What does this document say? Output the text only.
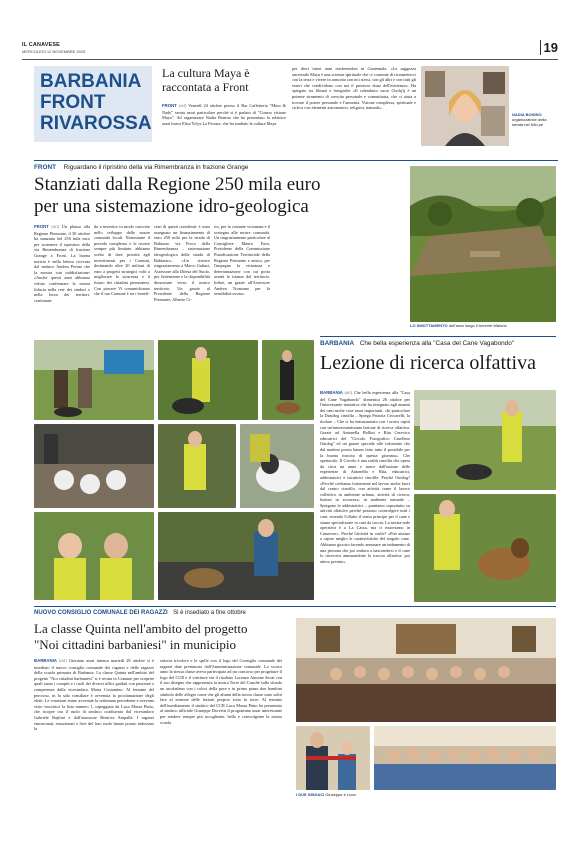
IL CANAVESE
MERCOLEDÌ 12 NOVEMBRE 2025	19
BARBANIA
FRONT
RIVAROSSA
La cultura Maya è
raccontata a Front
FRONT (ch1) Venerdì 24 ottobre presso il Bar Caffetteria "Mino & Nady" serata assai particolare perché si è parlato di "Cosmo visione Maya". Ad organizzare Nadia Bonino che ha presentato la relatrice assai brava Elisa Yolys La Ferrara, che ha studiato la cultura Maya
per dieci interi anni trasferendosi in Guatemala. «La saggezza ancestrale Maya è una scienza spirituale che ci consente di riconnetterci con la terra e vivere in armonia con noi stessi, con gli altri e con tutti gli esseri che condividono con noi il prezioso dono dell'esistenza». Ha spiegato tra filmati e fotografie «Il calendario sacro Cholq'ij è un potente strumento di crescita personale e comunitaria, che ci aiuta a trovare il potere personale e l'armonia. Visione complessa, spirituale e ciclica con elementi astronomici, religiosi, naturali».
NADIA BONINO
organizzatrice della serata nel Nilo pe
FRONT Riguardano il ripristino della via Rimembranza in frazione Grange
Stanziati dalla Regione 250 mila euro
per una sistemazione idro-geologica
FRONT (ch1) Un plauso alla Regione Piemonte, il 30 ottobre ha stanziato bel 250 mila euro per sostenere il ripristino della via Rimembranza di frazione Grange a Front. La buona notizia è nella lettera ricevuta dal sindaco Andrea Perino che la mostra con soddisfazione: «Anche questi anni abbiamo voluto confermare la nostra fiducia nella rete dei sindaci e nella forza dei territori, continuan-
do a investire in modo concreto nello sviluppo delle nostre comunità locali. Nonostante il periodo complesso e le risorse sempre più limitate, abbiamo scelto di dare priorità agli investimenti per i Comuni, destinando oltre 20 milioni di euro a progetti strategici volti a migliorare la sicurezza e il futuro dei cittadini piemontesi. Con piacere Vi comunichiamo che il tuo Comune è tra i benefi-
ciari di questi contributi: è stato assegnato un finanziamento di euro 250 mila per la strada di Babiasso via Porco della Rimembranza – sistemazione idrogeologica della strada di Babiasso». «Un sincero ringraziamento a Marco Gabusi, Assessore alla Difesa del Suolo, per l'attenzione e la disponibilità dimostrate verso il nostro territorio. Un grazie al Presidente della Regione Piemonte, Alberto Ci-
rio, per la costante vicinanza e il sostegno alle nostre comunità. Un ringraziamento particolare al Consigliere Mauro Fava, Presidente della Commissione Pianificazione Territoriale della Regione Piemonte e amico, per l'impegno la vicinanza e determinazione con cui porta avanti le istanze del territorio. Infine, un grazie all'Assessore Andrea Tronzano per la sensibilità avuta».
LO SMOTTAMENTO dell'area lungo il torrente Malone
BARBANIA Che bella esperienza alla "Casa del Cane Vagabondo"
Lezione di ricerca olfattiva
BARBANIA (ch1) Che bella esperienza alla "Casa del Cane Vagabondo" domenica 26 ottobre per l'interessante iniziativa che ha insegnato agli amanti dei cani molte cose assai importanti. «In particolare la Dustdog cinofila – Spiega Patrizia Ceccarelli, la titolare – Che ci ha entusiasmato con i nostri ospiti con un'interessantissima lezione di ricerca olfattiva. Grazie ad Antonella Bollini e Rita Cerevico educatrici del "Circolo Fotografico Casellese Outdog" ed un grazie speciale alle volontarie che dal mattino presto hanno fatto tutto il possibile per la buona riuscita di questa giornata». Che spettacolo. Il Circolo è una realtà cinofila che opera da circa un anno e nasce dall'unione delle esperienze di Antonella e Rita, educatrici, addestratrici e istruttrici cinofile. Perché Outdog? «Perché crediamo fortemente nel lavoro anche fuori dal centro cinofilo, con attività come il lavoro collettivo in ambiente urbano, attività di ricerca, lezioni in sicurezza, in ambiente naturale – Spiegano le addestratrici – puntiamo soprattutto su attività olfattive perché possono coinvolgere tutti i cani, essendo l'olfatto il senso principe per il cane e siamo specializzate in cani da caccia. La nostra sede operativa è a La Cassa, ma ci muoviamo in Canavese». Perché l'attività in casile? «Può aiutare a capire meglio le caratteristiche del singolo cane. Abbiamo giocato facendo annusare un indumento di una persona che poi andava a nascondersi e il cane lo ritrovava annusandone la traccia olfattiva: poi atteso premio».
NUOVO CONSIGLIO COMUNALE DEI RAGAZZI Si è insediato a fine ottobre
La classe Quinta nell'ambito del progetto
"Noi cittadini barbaniesi" in municipio
BARBANIA (ch1) Giornata assai intensa martedì 28 ottobre si è insediato il nuovo consiglio comunale dei ragazzi e delle ragazze della scuola primaria di Barbania. La classe Quinta nell'ambito del progetto "Noi cittadini barbaniesi" si è recata in Comune per scoprire quali siano i compiti e i ruoli dei diversi uffici guidati con passione e competenza dalla vicesindaco Maria Costantino. Al termine del percorso, in la sala consiliare è avvenuta la proclamazione degli eletti. Le votazioni erano avvenute la settimana precedente e avevano visto vincitrice la lista numero 1, capeggiata da Luca Massa Pinto, che ricopre ora il ruolo di sindaco coadiuvato dal vicesindaco Gabriele Bajifari e dall'assessore Beatrice Ampalla. I ragazzi emozionati, emozionati e fieri del loro ruolo hanno potuto indossare la
striscia tricolore e le spille con il logo del Consiglio comunale dei ragazzi date premurose dall'Amministrazione comunale. Lo scorso anno la stessa classe aveva partecipato ad un concorso per progettare il logo del CCR e il vincitore era il risultato Lorenzo Aimone Secat con il suo disegno che rappresenta la nostra Torre del Cuaché sulle sfondo un arcobaleno con i colori della pace e in primo piano due bambini simbolo delle allegre come che gli alunni della stessa classe sono soliti fare al termine delle lezioni proprio sotto la torre. Al termine dell'insediamento il sindaco del CCR Luca Massa Pinto ha presentato al sindaco ufficiale Giuseppe Drovetti il programma assai interessante per rendere sempre più accogliente, bella e coinvolgente la nostra scuola
I DUE SINDACI Giuseppe e Luca
